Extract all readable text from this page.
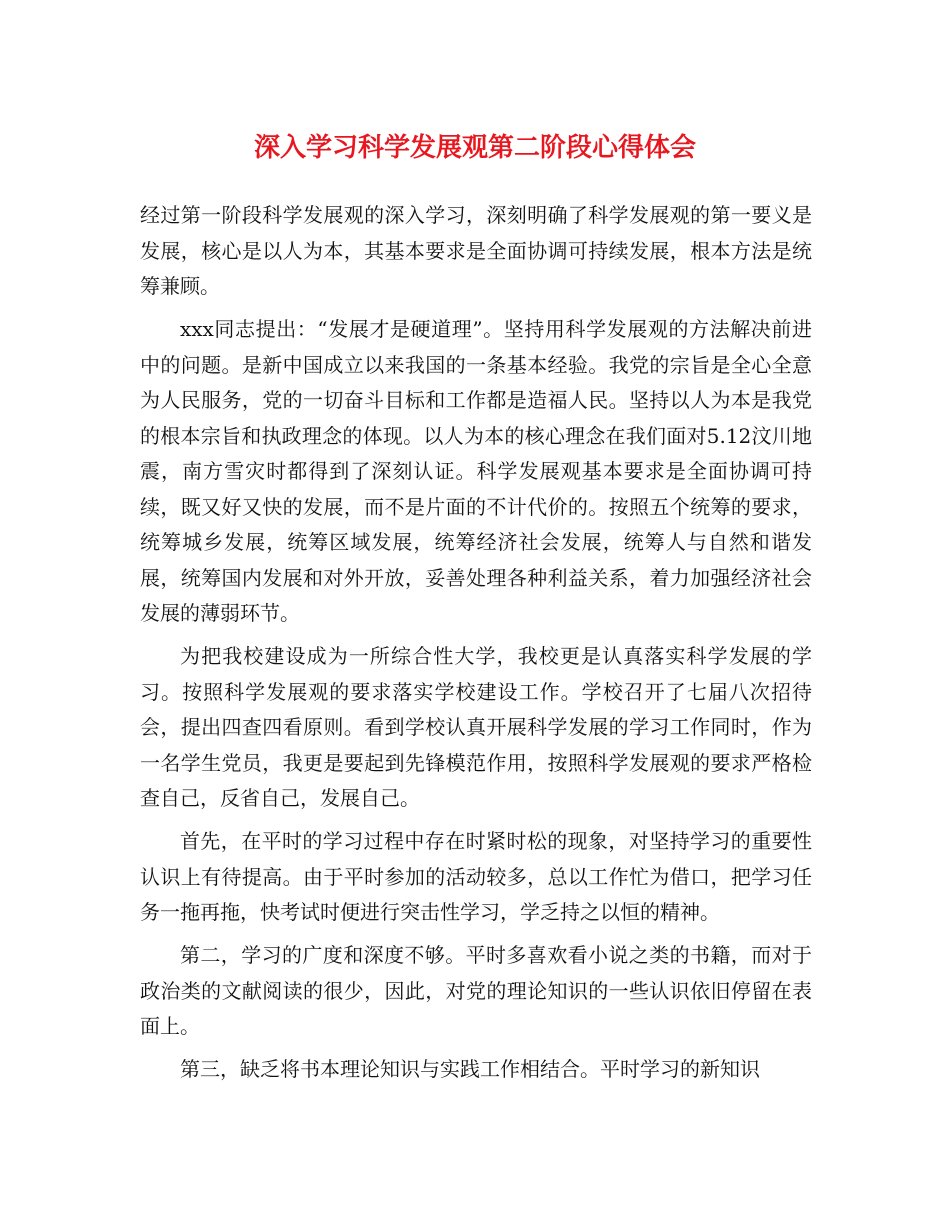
深入学习科学发展观第二阶段心得体会

经过第一阶段科学发展观的深入学习，深刻明确了科学发展观的第一要义是发展，核心是以人为本，其基本要求是全面协调可持续发展，根本方法是统筹兼顾。

xxx同志提出：“发展才是硬道理”。坚持用科学发展观的方法解决前进中的问题。是新中国成立以来我国的一条基本经验。我党的宗旨是全心全意为人民服务，党的一切奋斗目标和工作都是造福人民。坚持以人为本是我党的根本宗旨和执政理念的体现。以人为本的核心理念在我们面对5.12汶川地震，南方雪灾时都得到了深刻认证。科学发展观基本要求是全面协调可持续，既又好又快的发展，而不是片面的不计代价的。按照五个统筹的要求，统筹城乡发展，统筹区域发展，统筹经济社会发展，统筹人与自然和谐发展，统筹国内发展和对外开放，妥善处理各种利益关系，着力加强经济社会发展的薄弱环节。

为把我校建设成为一所综合性大学，我校更是认真落实科学发展的学习。按照科学发展观的要求落实学校建设工作。学校召开了七届八次招待会，提出四查四看原则。看到学校认真开展科学发展的学习工作同时，作为一名学生党员，我更是要起到先锋模范作用，按照科学发展观的要求严格检查自己，反省自己，发展自己。

首先，在平时的学习过程中存在时紧时松的现象，对坚持学习的重要性认识上有待提高。由于平时参加的活动较多，总以工作忙为借口，把学习任务一拖再拖，快考试时便进行突击性学习，学乏持之以恒的精神。

第二，学习的广度和深度不够。平时多喜欢看小说之类的书籍，而对于政治类的文献阅读的很少，因此，对党的理论知识的一些认识依旧停留在表面上。

第三，缺乏将书本理论知识与实践工作相结合。平时学习的新知识
